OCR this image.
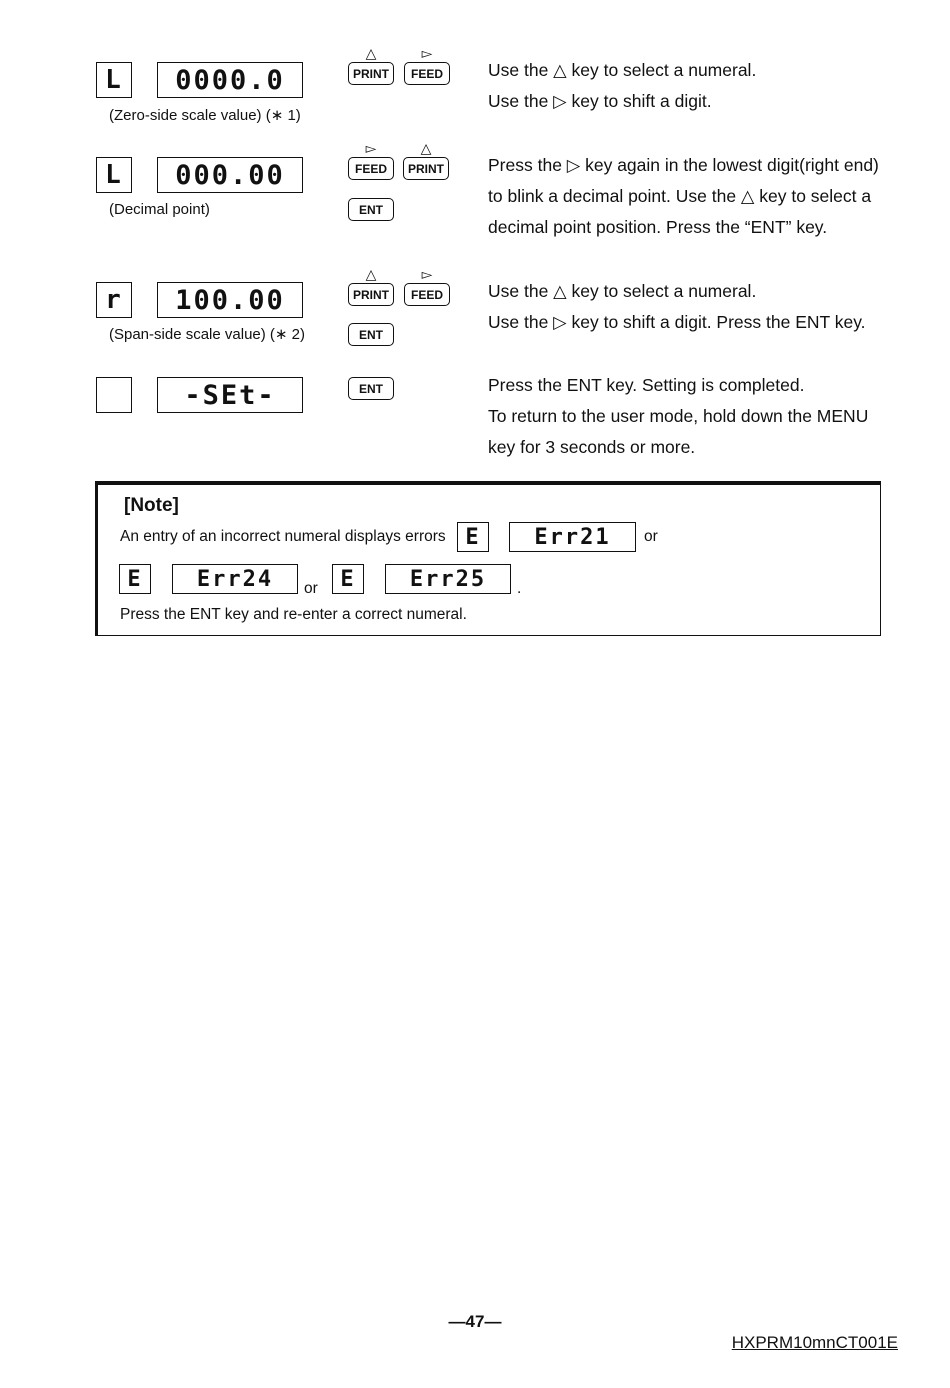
L	0000.0
(Zero-side scale value) (∗ 1)
△
PRINT
▻
FEED	Use the △ key to select a numeral.
Use the ▷ key to shift a digit.
L	000.00
(Decimal point)
▻
FEED
△
PRINT
ENT
Press the ▷ key again in the lowest digit(right end)
to blink a decimal point. Use the △ key to select a
decimal point position. Press the “ENT” key.
r	100.00
(Span-side scale value) (∗ 2)
△
PRINT
▻
FEED
ENT
Use the △ key to select a numeral.
Use the ▷ key to shift a digit. Press the ENT key.
-SEt-	ENT	Press the ENT key. Setting is completed.
To return to the user mode, hold down the MENU
key for 3 seconds or more.
[Note]
An entry of an incorrect numeral displays errors E	Err21	or
E	Err24	or	E	Err25	.
Press the ENT key and re-enter a correct numeral.
—47—
HXPRM10mnCT001E
